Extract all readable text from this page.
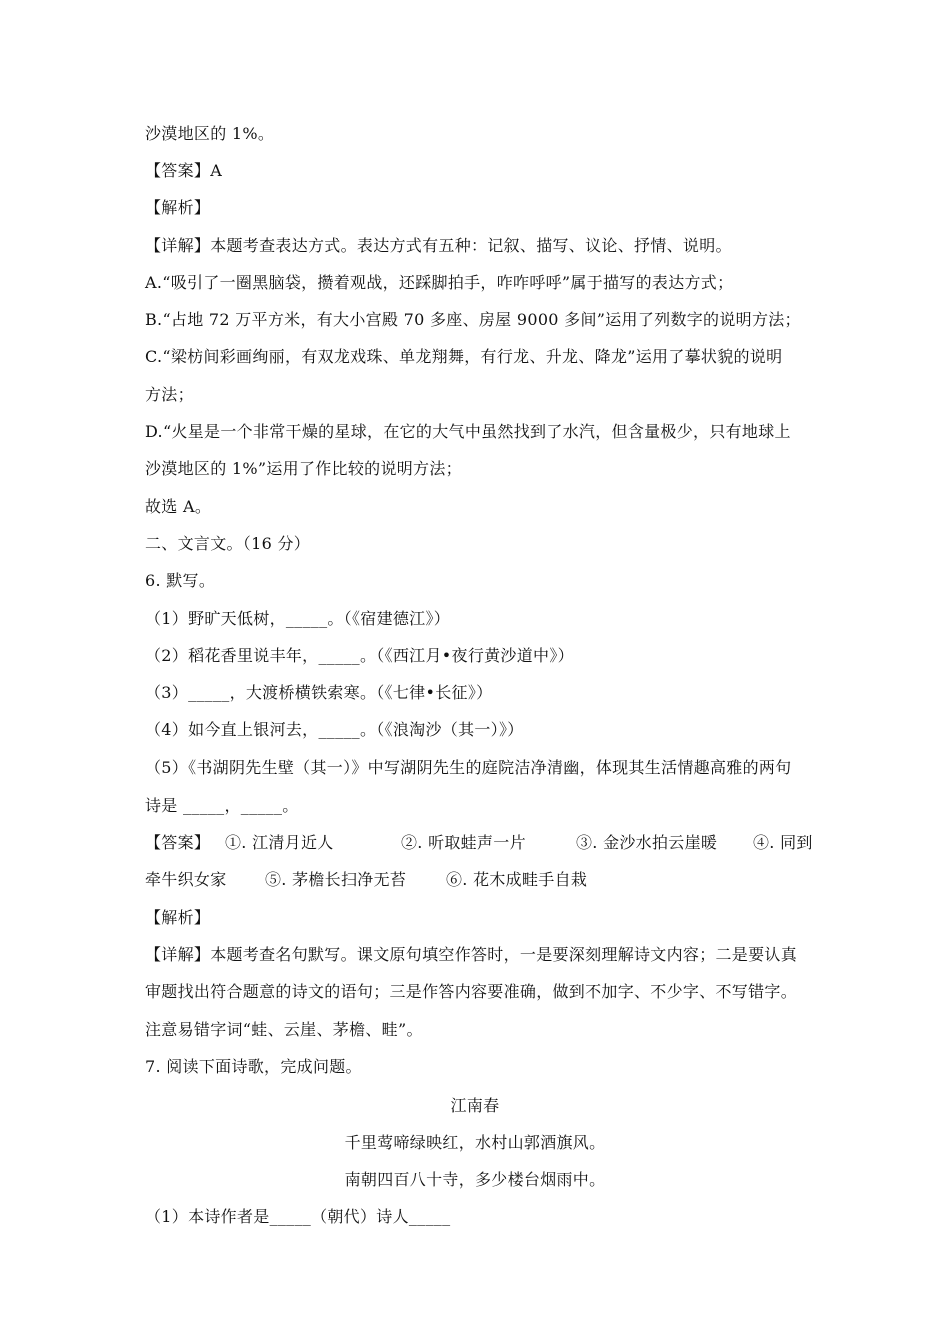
沙漠地区的 1%。
【答案】A
【解析】
【详解】本题考查表达方式。表达方式有五种：记叙、描写、议论、抒情、说明。
A.“吸引了一圈黑脑袋，攒着观战，还踩脚拍手，咋咋呼呼”属于描写的表达方式；
B.“占地 72 万平方米，有大小宫殿 70 多座、房屋 9000 多间”运用了列数字的说明方法；
C.“梁枋间彩画绚丽，有双龙戏珠、单龙翔舞，有行龙、升龙、降龙”运用了摹状貌的说明
方法；
D.“火星是一个非常干燥的星球，在它的大气中虽然找到了水汽，但含量极少，只有地球上
沙漠地区的 1%”运用了作比较的说明方法；
故选 A。
二、文言文。（16 分）
6. 默写。
（1）野旷天低树，_____。（《宿建德江》）
（2）稻花香里说丰年，_____。（《西江月•夜行黄沙道中》）
（3）_____，大渡桥横铁索寒。（《七律•长征》）
（4）如今直上银河去，_____。（《浪淘沙（其一）》）
（5）《书湖阴先生壁（其一）》中写湖阴先生的庭院洁净清幽，体现其生活情趣高雅的两句
诗是 _____，_____。
【答案】 ①. 江清月近人	②. 听取蛙声一片	③. 金沙水拍云崖暖 ④. 同到
牵牛织女家 ⑤. 茅檐长扫净无苔 ⑥. 花木成畦手自栽
【解析】
【详解】本题考查名句默写。课文原句填空作答时，一是要深刻理解诗文内容；二是要认真
审题找出符合题意的诗文的语句；三是作答内容要准确，做到不加字、不少字、不写错字。
注意易错字词“蛙、云崖、茅檐、畦”。
7. 阅读下面诗歌，完成问题。
江南春
千里莺啼绿映红，水村山郭酒旗风。
南朝四百八十寺，多少楼台烟雨中。
（1）本诗作者是_____（朝代）诗人_____
